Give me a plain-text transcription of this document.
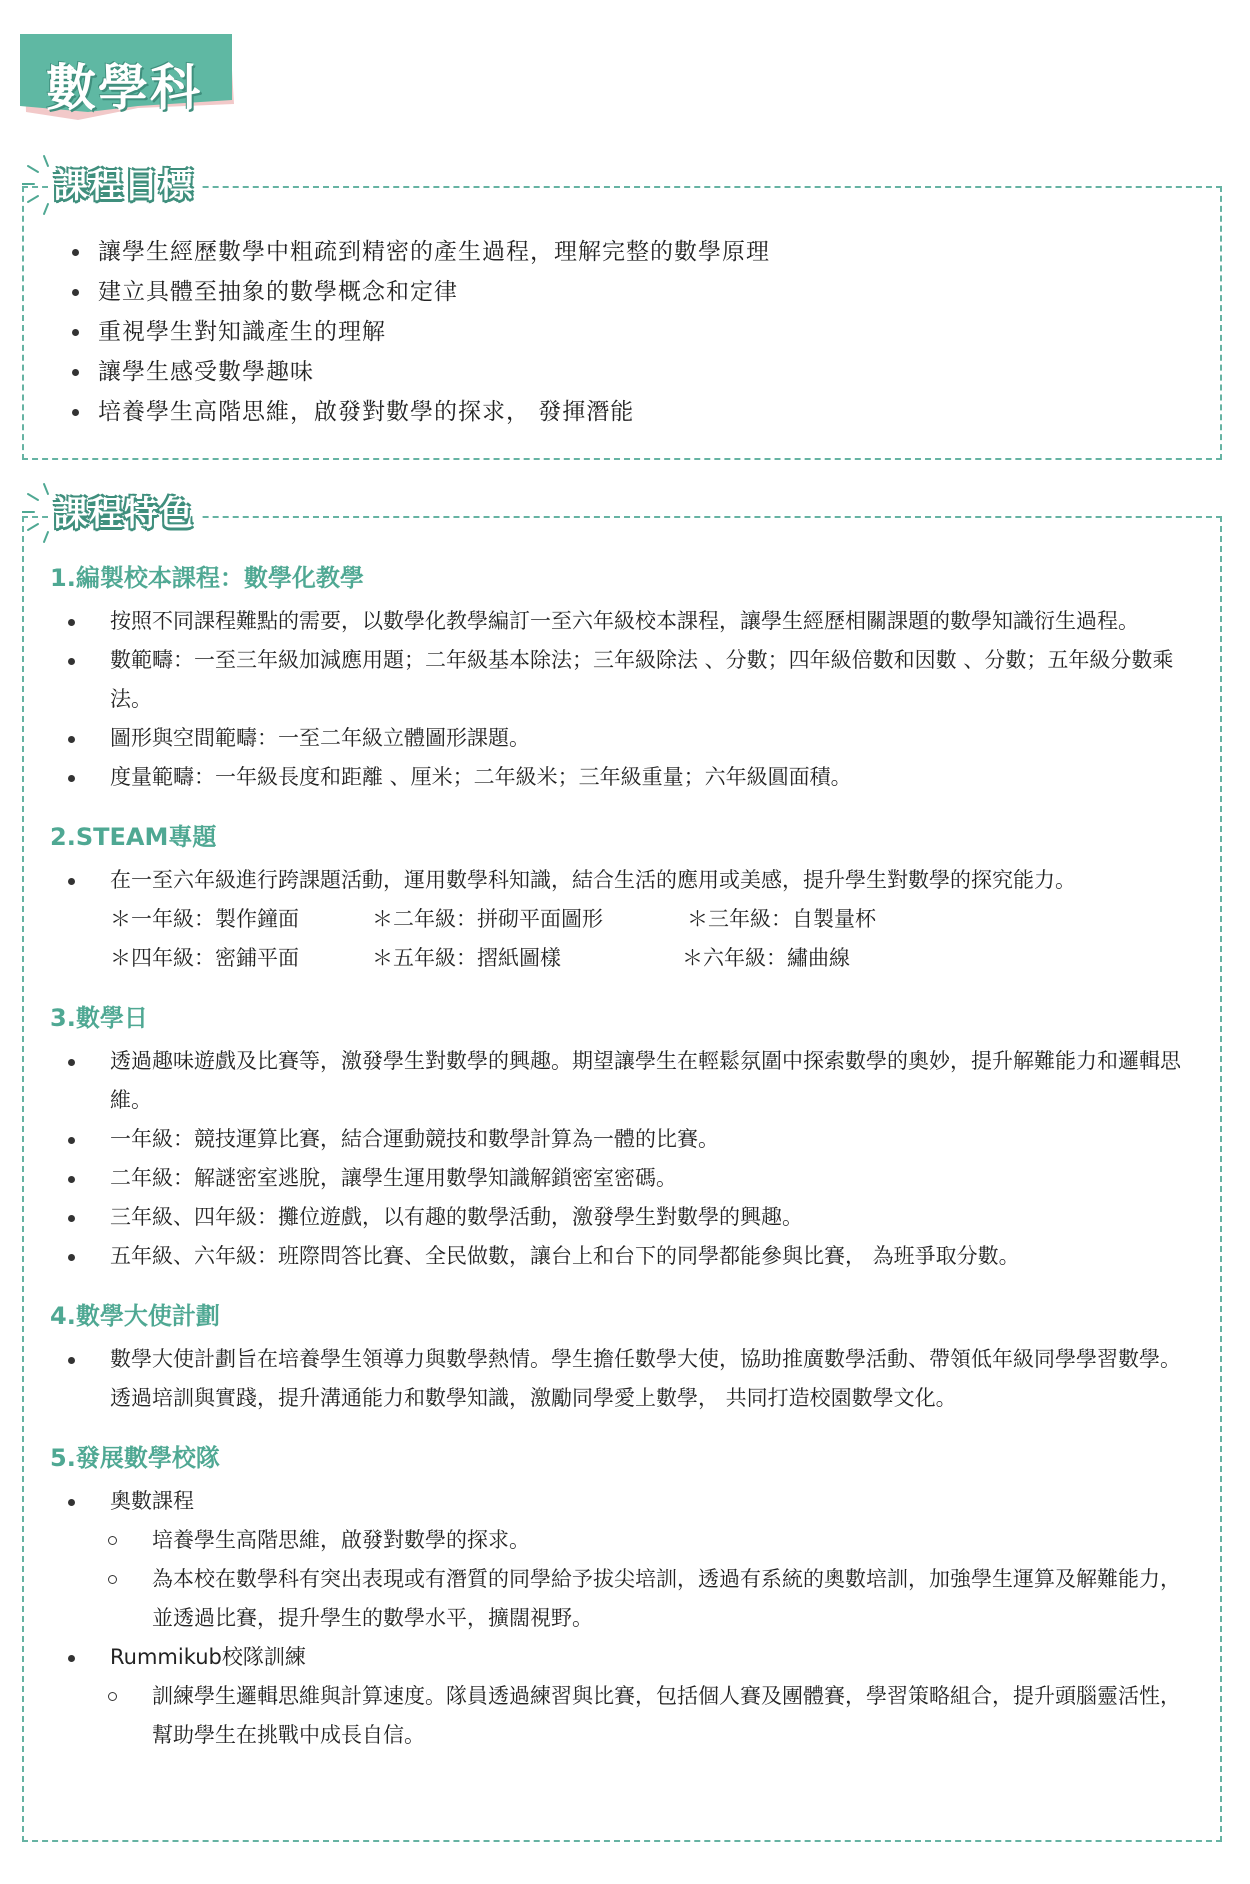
數學科
課程目標
讓學生經歷數學中粗疏到精密的產生過程，理解完整的數學原理
建立具體至抽象的數學概念和定律
重視學生對知識產生的理解
讓學生感受數學趣味
培養學生高階思維，啟發對數學的探求， 發揮潛能
課程特色
1.編製校本課程：數學化教學
按照不同課程難點的需要，以數學化教學編訂一至六年級校本課程，讓學生經歷相關課題的數學知識衍生過程。
數範疇：一至三年級加減應用題；二年級基本除法；三年級除法 、分數；四年級倍數和因數 、分數；五年級分數乘法。
圖形與空間範疇：一至二年級立體圖形課題。
度量範疇：一年級長度和距離 、厘米；二年級米；三年級重量；六年級圓面積。
2.STEAM專題
在一至六年級進行跨課題活動，運用數學科知識，結合生活的應用或美感，提升學生對數學的探究能力。
＊一年級：製作鐘面	＊二年級：拼砌平面圖形	＊三年級：自製量杯
＊四年級：密鋪平面	＊五年級：摺紙圖樣	＊六年級：繡曲線
3.數學日
透過趣味遊戲及比賽等，激發學生對數學的興趣。期望讓學生在輕鬆氛圍中探索數學的奧妙，提升解難能力和邏輯思維。
一年級：競技運算比賽，結合運動競技和數學計算為一體的比賽。
二年級：解謎密室逃脫，讓學生運用數學知識解鎖密室密碼。
三年級、四年級：攤位遊戲，以有趣的數學活動，激發學生對數學的興趣。
五年級、六年級：班際問答比賽、全民做數，讓台上和台下的同學都能參與比賽， 為班爭取分數。
4.數學大使計劃
數學大使計劃旨在培養學生領導力與數學熱情。學生擔任數學大使，協助推廣數學活動、帶領低年級同學學習數學。透過培訓與實踐，提升溝通能力和數學知識，激勵同學愛上數學， 共同打造校園數學文化。
5.發展數學校隊
奧數課程
培養學生高階思維，啟發對數學的探求。
為本校在數學科有突出表現或有潛質的同學給予拔尖培訓，透過有系統的奧數培訓，加強學生運算及解難能力，並透過比賽，提升學生的數學水平，擴闊視野。
Rummikub校隊訓練
訓練學生邏輯思維與計算速度。隊員透過練習與比賽，包括個人賽及團體賽，學習策略組合，提升頭腦靈活性，幫助學生在挑戰中成長自信。
